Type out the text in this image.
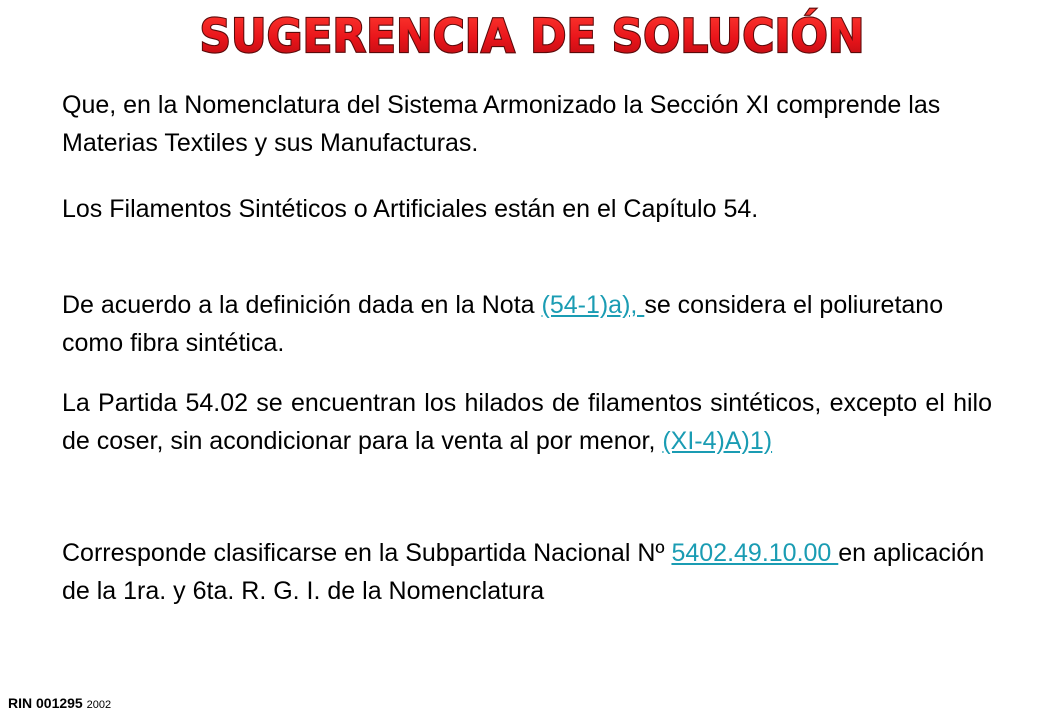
SUGERENCIA DE SOLUCIÓN

Que, en la Nomenclatura del Sistema Armonizado la Sección XI comprende las Materias Textiles y sus Manufacturas.

Los Filamentos Sintéticos o Artificiales están en el Capítulo 54.

De acuerdo a la definición dada en la Nota (54-1)a), se considera el poliuretano como fibra sintética.

La Partida 54.02 se encuentran los hilados de filamentos sintéticos, excepto el hilo de coser, sin acondicionar para la venta al por menor, (XI-4)A)1)

Corresponde clasificarse en la Subpartida Nacional Nº 5402.49.10.00 en aplicación de la 1ra. y 6ta. R. G. I. de la Nomenclatura

RIN 001295 2002
